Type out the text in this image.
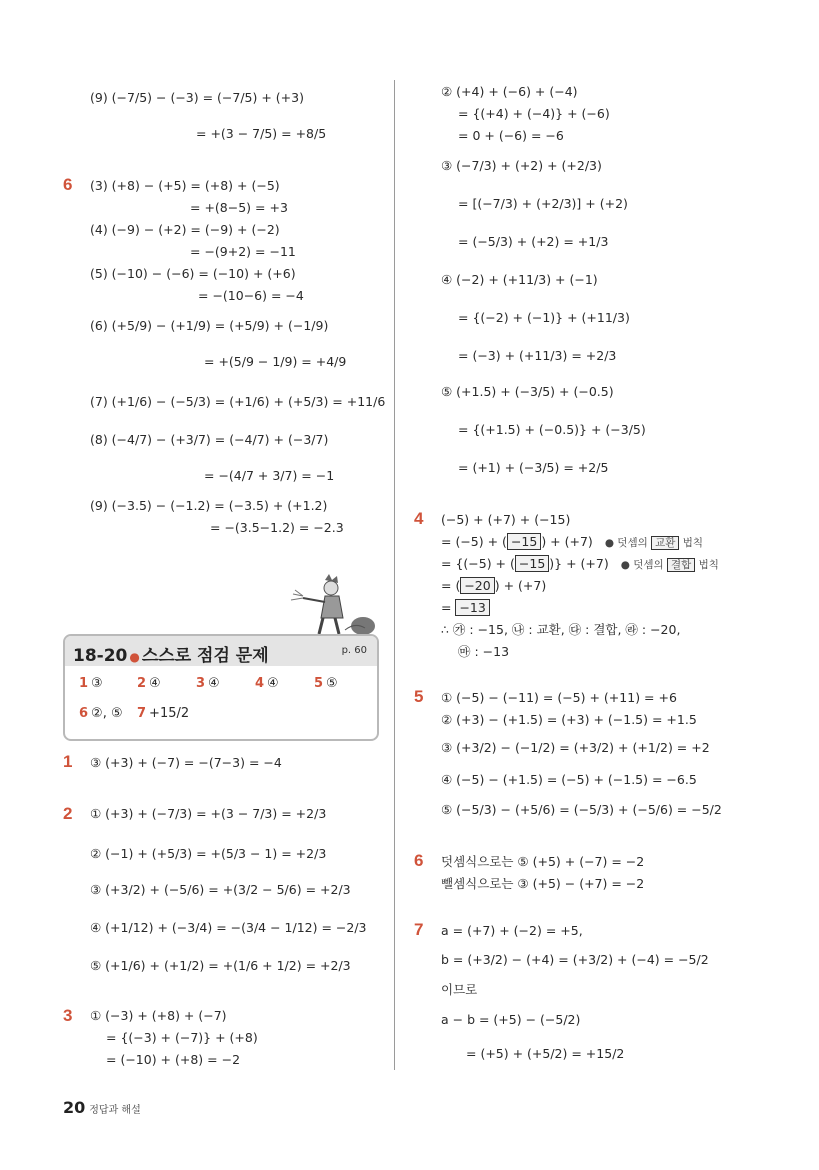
(9) (−7/5) − (−3) = (−7/5) + (+3)
= +(3 − 7/5) = +8/5
6 (3) (+8) − (+5) = (+8) + (−5)
= +(8−5) = +3
(4) (−9) − (+2) = (−9) + (−2)
= −(9+2) = −11
(5) (−10) − (−6) = (−10) + (+6)
= −(10−6) = −4
(6) (+5/9) − (+1/9) = (+5/9) + (−1/9)
= +(5/9 − 1/9) = +4/9
(7) (+1/6) − (−5/3) = (+1/6) + (+5/3) = +11/6
(8) (−4/7) − (+3/7) = (−4/7) + (−3/7)
= −(4/7 + 3/7) = −1
(9) (−3.5) − (−1.2) = (−3.5) + (+1.2)
= −(3.5−1.2) = −2.3
18-20 ● 스스로 점검 문제	p. 60
1 ③	2 ④	3 ④	4 ④	5 ⑤
6 ②, ⑤ 7 +15/2
1 ③ (+3) + (−7) = −(7−3) = −4
2 ① (+3) + (−7/3) = +(3 − 7/3) = +2/3
② (−1) + (+5/3) = +(5/3 − 1) = +2/3
③ (+3/2) + (−5/6) = +(3/2 − 5/6) = +2/3
④ (+1/12) + (−3/4) = −(3/4 − 1/12) = −2/3
⑤ (+1/6) + (+1/2) = +(1/6 + 1/2) = +2/3
3 ① (−3) + (+8) + (−7)
= {(−3) + (−7)} + (+8)
= (−10) + (+8) = −2
② (+4) + (−6) + (−4)
= {(+4) + (−4)} + (−6)
= 0 + (−6) = −6
③ (−7/3) + (+2) + (+2/3)
= [(−7/3) + (+2/3)] + (+2)
= (−5/3) + (+2) = +1/3
④ (−2) + (+11/3) + (−1)
= {(−2) + (−1)} + (+11/3)
= (−3) + (+11/3) = +2/3
⑤ (+1.5) + (−3/5) + (−0.5)
= {(+1.5) + (−0.5)} + (−3/5)
= (+1) + (−3/5) = +2/5
4 (−5) + (+7) + (−15)
= (−5) + ( −15 ) + (+7) ● 덧셈의 교환 법칙
= {(−5) + ( −15 )} + (+7) ● 덧셈의 결합 법칙
= ( −20 ) + (+7)
= −13
∴ ㉮ : −15, ㉯ : 교환, ㉰ : 결합, ㉱ : −20,
㉲ : −13
5 ① (−5) − (−11) = (−5) + (+11) = +6
② (+3) − (+1.5) = (+3) + (−1.5) = +1.5
③ (+3/2) − (−1/2) = (+3/2) + (+1/2) = +2
④ (−5) − (+1.5) = (−5) + (−1.5) = −6.5
⑤ (−5/3) − (+5/6) = (−5/3) + (−5/6) = −5/2
6 덧셈식으로는 ⑤ (+5) + (−7) = −2
뺄셈식으로는 ③ (+5) − (+7) = −2
7 a = (+7) + (−2) = +5,
b = (+3/2) − (+4) = (+3/2) + (−4) = −5/2
이므로
a − b = (+5) − (−5/2)
= (+5) + (+5/2) = +15/2
20 정답과 해설
